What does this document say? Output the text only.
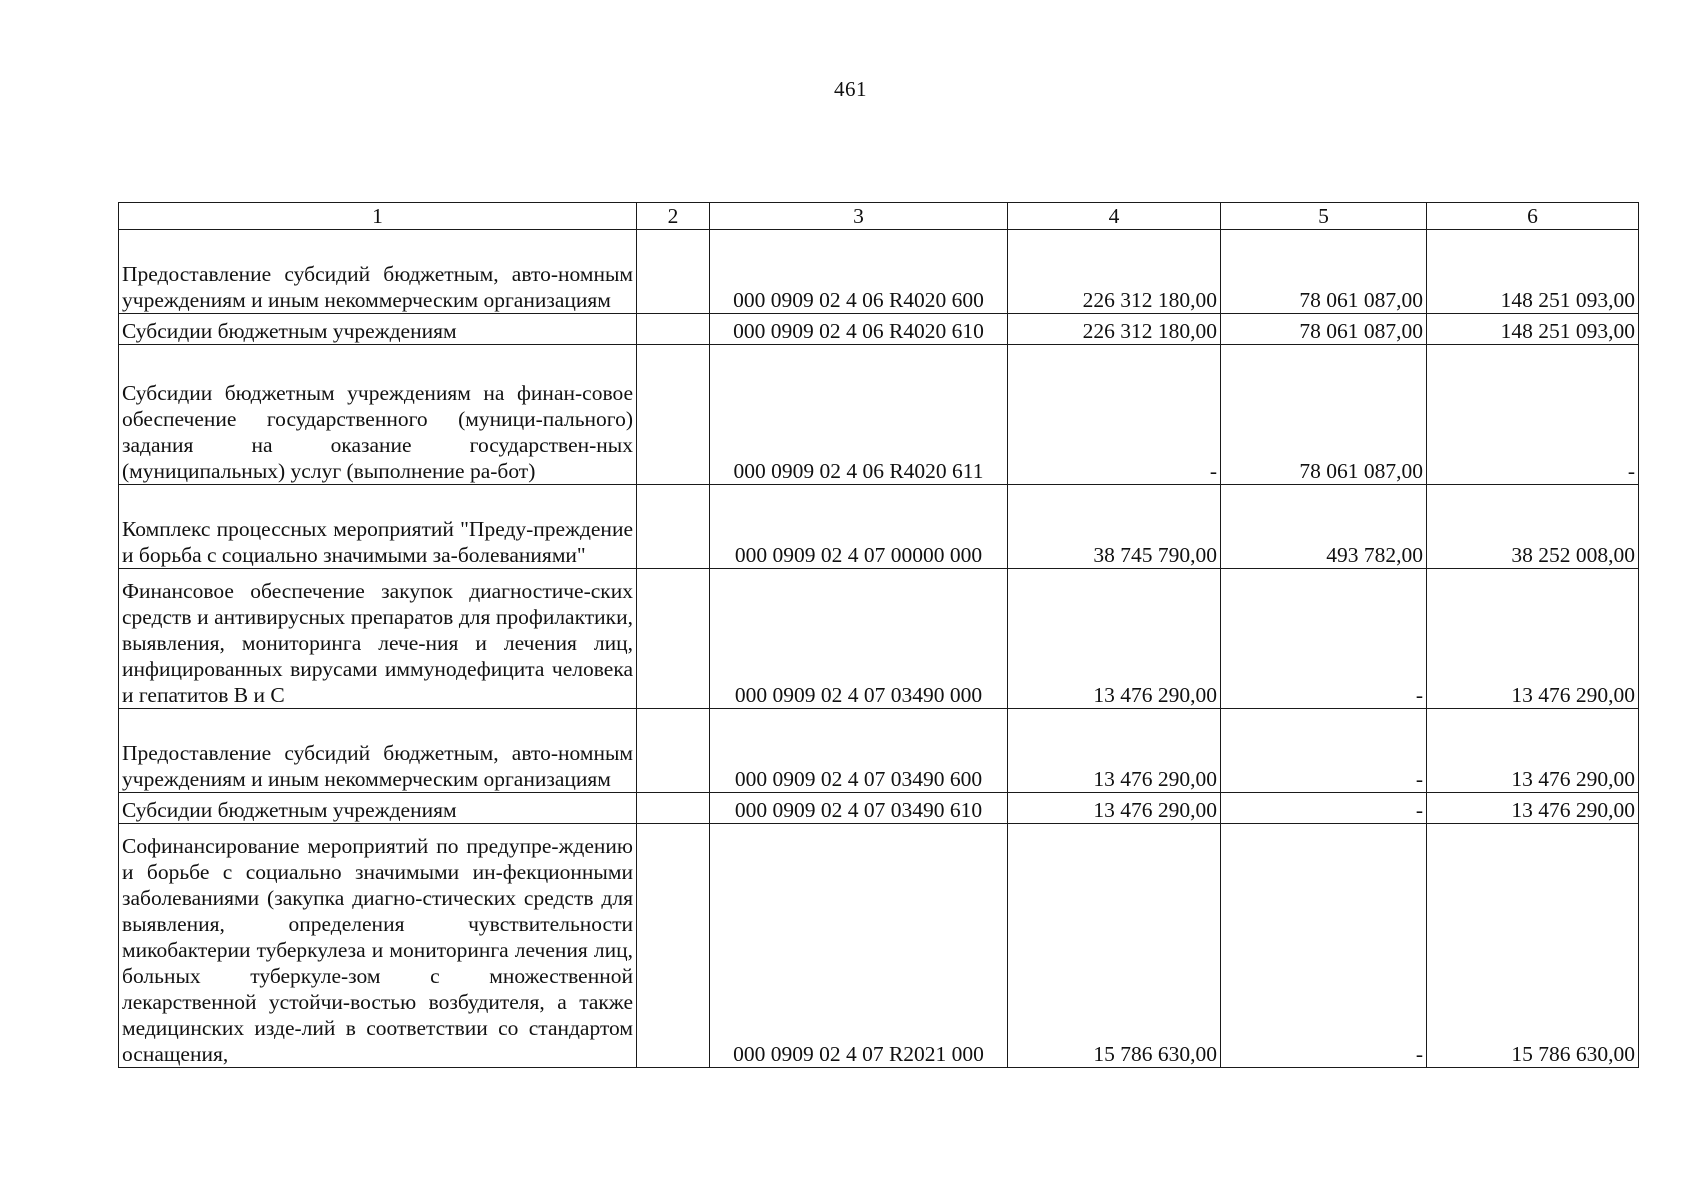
461
1	2	3	4	5	6
Предоставление субсидий бюджетным, авто-номным учреждениям и иным некоммерческим организациям		000 0909 02 4 06 R4020 600	226 312 180,00	78 061 087,00	148 251 093,00
Субсидии бюджетным учреждениям		000 0909 02 4 06 R4020 610	226 312 180,00	78 061 087,00	148 251 093,00
Субсидии бюджетным учреждениям на финан-совое обеспечение государственного (муници-пального) задания на оказание государствен-ных (муниципальных) услуг (выполнение ра-бот)		000 0909 02 4 06 R4020 611	-	78 061 087,00	-
Комплекс процессных мероприятий "Преду-преждение и борьба с социально значимыми за-болеваниями"		000 0909 02 4 07 00000 000	38 745 790,00	493 782,00	38 252 008,00
Финансовое обеспечение закупок диагностиче-ских средств и антивирусных препаратов для профилактики, выявления, мониторинга лече-ния и лечения лиц, инфицированных вирусами иммунодефицита человека и гепатитов В и С		000 0909 02 4 07 03490 000	13 476 290,00	-	13 476 290,00
Предоставление субсидий бюджетным, авто-номным учреждениям и иным некоммерческим организациям		000 0909 02 4 07 03490 600	13 476 290,00	-	13 476 290,00
Субсидии бюджетным учреждениям		000 0909 02 4 07 03490 610	13 476 290,00	-	13 476 290,00
Софинансирование мероприятий по предупре-ждению и борьбе с социально значимыми ин-фекционными заболеваниями (закупка диагно-стических средств для выявления, определения чувствительности микобактерии туберкулеза и мониторинга лечения лиц, больных туберкуле-зом с множественной лекарственной устойчи-востью возбудителя, а также медицинских изде-лий в соответствии со стандартом оснащения,		000 0909 02 4 07 R2021 000	15 786 630,00	-	15 786 630,00
